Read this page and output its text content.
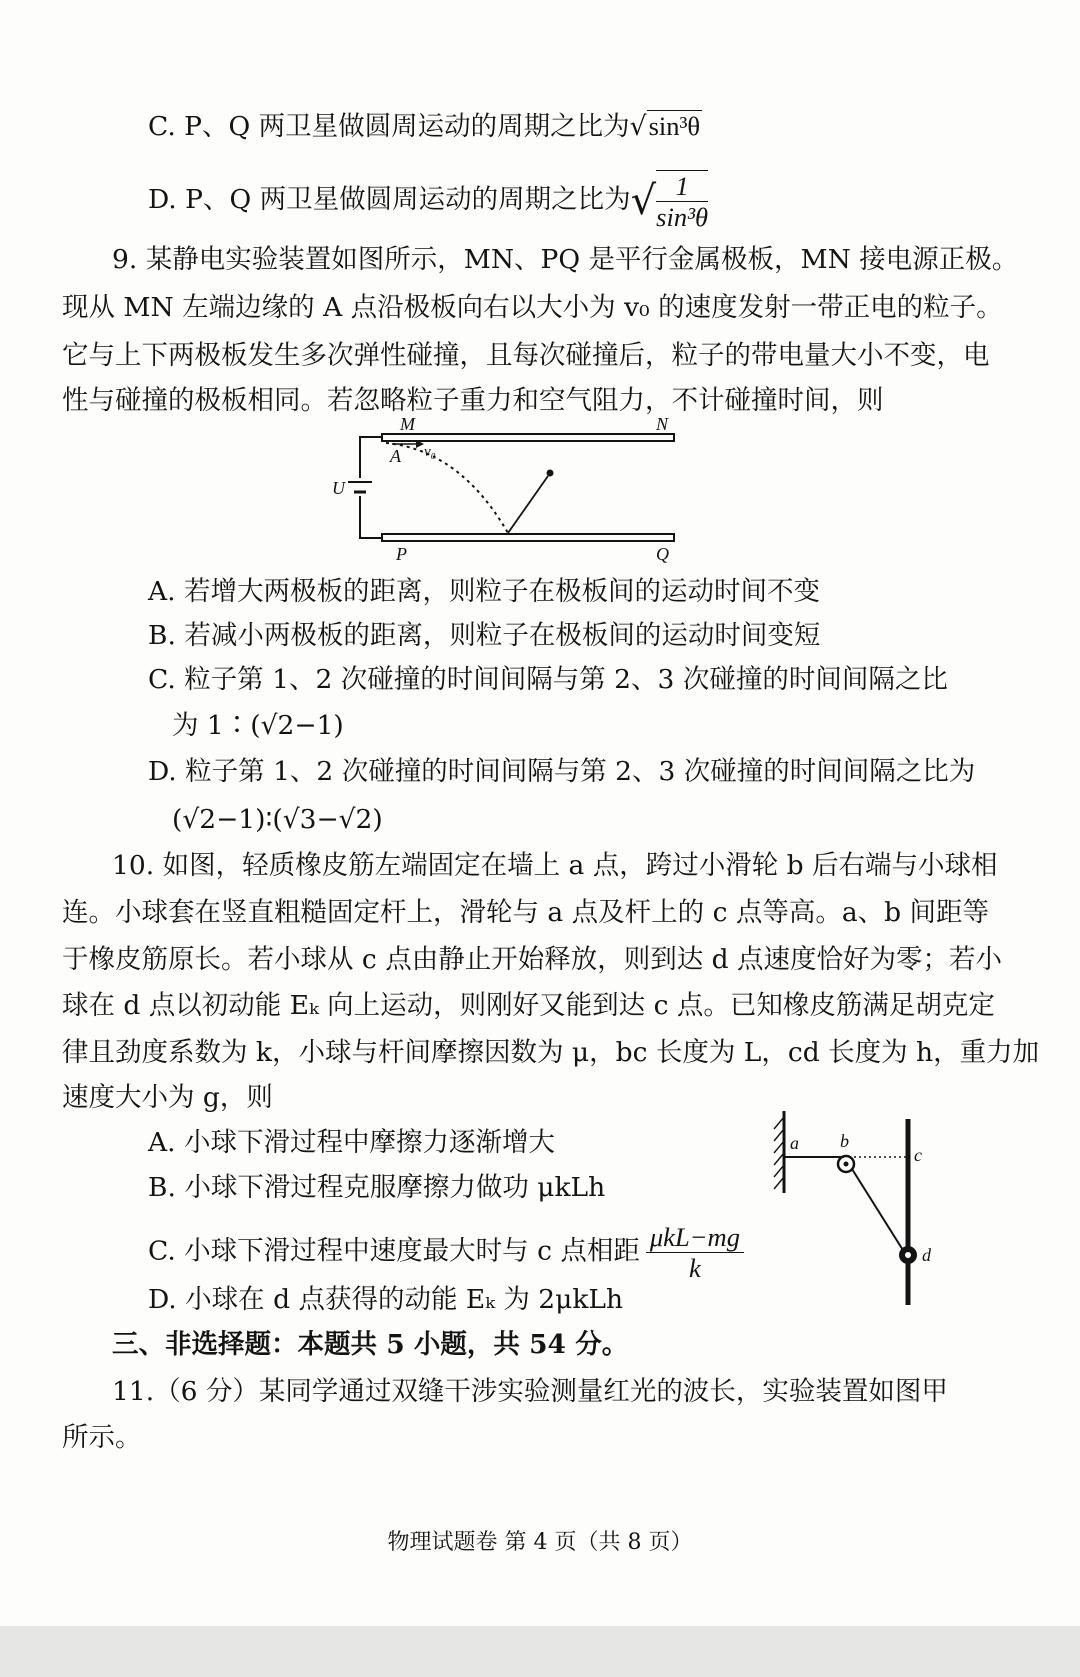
C. P、Q 两卫星做圆周运动的周期之比为√sin³θ
D. P、Q 两卫星做圆周运动的周期之比为√ $\frac{1}{\text{sin³θ}}$
9. 某静电实验装置如图所示，MN、PQ 是平行金属极板，MN 接电源正极。
现从 MN 左端边缘的 A 点沿极板向右以大小为 v₀ 的速度发射一带正电的粒子。
它与上下两极板发生多次弹性碰撞，且每次碰撞后，粒子的带电量大小不变，电
性与碰撞的极板相同。若忽略粒子重力和空气阻力，不计碰撞时间，则
M	N
A v₀
U
P	Q
A. 若增大两极板的距离，则粒子在极板间的运动时间不变
B. 若减小两极板的距离，则粒子在极板间的运动时间变短
C. 粒子第 1、2 次碰撞的时间间隔与第 2、3 次碰撞的时间间隔之比
为 1∶(√2−1)
D. 粒子第 1、2 次碰撞的时间间隔与第 2、3 次碰撞的时间间隔之比为
(√2−1)∶(√3−√2)
10. 如图，轻质橡皮筋左端固定在墙上 a 点，跨过小滑轮 b 后右端与小球相
连。小球套在竖直粗糙固定杆上，滑轮与 a 点及杆上的 c 点等高。a、b 间距等
于橡皮筋原长。若小球从 c 点由静止开始释放，则到达 d 点速度恰好为零；若小
球在 d 点以初动能 Eₖ 向上运动，则刚好又能到达 c 点。已知橡皮筋满足胡克定
律且劲度系数为 k，小球与杆间摩擦因数为 μ，bc 长度为 L，cd 长度为 h，重力加
速度大小为 g，则
A. 小球下滑过程中摩擦力逐渐增大
B. 小球下滑过程克服摩擦力做功 μkLh
C. 小球下滑过程中速度最大时与 c 点相距 $\frac{\text{μkL−mg}}{k}$
D. 小球在 d 点获得的动能 Eₖ 为 2μkLh
a b
c
d
三、非选择题：本题共 5 小题，共 54 分。
11.（6 分）某同学通过双缝干涉实验测量红光的波长，实验装置如图甲
所示。
物理试题卷 第 4 页（共 8 页）
